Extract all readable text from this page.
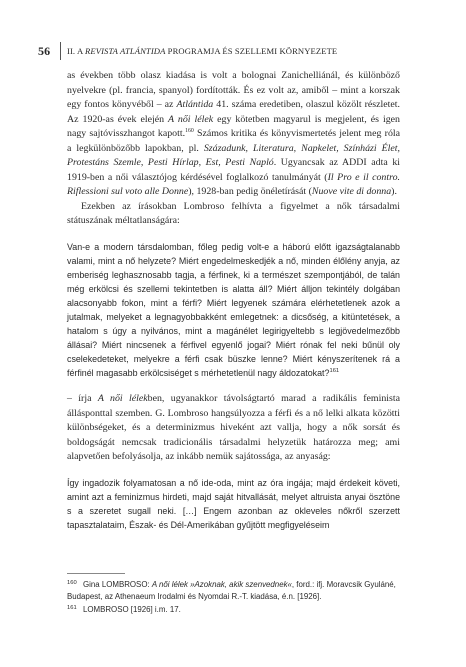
56 II. A REVISTA ATLÁNTIDA PROGRAMJA ÉS SZELLEMI KÖRNYEZETE

as években több olasz kiadása is volt a bolognai Zanichelliánál, és különböző nyelvekre (pl. francia, spanyol) fordították. És ez volt az, amiből – mint a korszak egy fontos könyvéből – az Atlántida 41. száma eredetiben, olaszul közölt részletet. Az 1920-as évek elején A női lélek egy kötetben magyarul is megjelent, és igen nagy sajtóvisszhangot kapott.$^{160}$ Számos kritika és könyvismertetés jelent meg róla a legkülönbözőbb lapokban, pl. Századunk, Literatura, Napkelet, Színházi Élet, Protestáns Szemle, Pesti Hírlap, Est, Pesti Napló. Ugyancsak az ADDI adta ki 1919-ben a női választójog kérdésével foglalkozó tanulmányát (Il Pro e il contro. Riflessioni sul voto alle Donne), 1928-ban pedig önéletírását (Nuove vite di donna).

Ezekben az írásokban Lombroso felhívta a figyelmet a nők társadalmi státuszának méltatlanságára:

Van-e a modern társdalomban, főleg pedig volt-e a háború előtt igazságtalanabb valami, mint a nő helyzete? Miért engedelmeskedjék a nő, minden élőlény anyja, az emberiség leghasznosabb tagja, a férfinek, ki a természet szempontjából, de talán még erkölcsi és szellemi tekintetben is alatta áll? Miért álljon tekintély dolgában alacsonyabb fokon, mint a férfi? Miért legyenek számára elérhetetlenek azok a jutalmak, melyeket a legnagyobbakként emlegetnek: a dicsőség, a kitüntetések, a hatalom s úgy a nyilvános, mint a magánélet legirigyeltebb s legjövedelmezőbb állásai? Miért nincsenek a férfivel egyenlő jogai? Miért rónak fel neki bűnül oly cselekedeteket, melyekre a férfi csak büszke lenne? Miért kényszerítenek rá a férfinél magasabb erkölcsiséget s mérhetetlenül nagy áldozatokat?$^{161}$

– írja A női lélekben, ugyanakkor távolságtartó marad a radikális feminista állásponttal szemben. G. Lombroso hangsúlyozza a férfi és a nő lelki alkata közötti különbségeket, és a determinizmus hiveként azt vallja, hogy a nők sorsát és boldogságát nemcsak tradicionális társadalmi helyzetük határozza meg; ami alapvetően befolyásolja, az inkább nemük sajátossága, az anyaság:

Így ingadozik folyamatosan a nő ide-oda, mint az óra ingája; majd érdekeit követi, amint azt a feminizmus hirdeti, majd saját hitvallását, melyet altruista anyai ösztöne s a szeretet sugall neki. […] Engem azonban az okleveles nőkről szerzett tapasztalataim, Észak- és Dél-Amerikában gyűjtött megfigyeléseim

160 Gina LOMBROSO: A női lélek »Azoknak, akik szenvednek«, ford.: ifj. Moravcsik Gyuláné, Budapest, az Athenaeum Irodalmi és Nyomdai R.-T. kiadása, é.n. [1926].

161 LOMBROSO [1926] i.m. 17.
